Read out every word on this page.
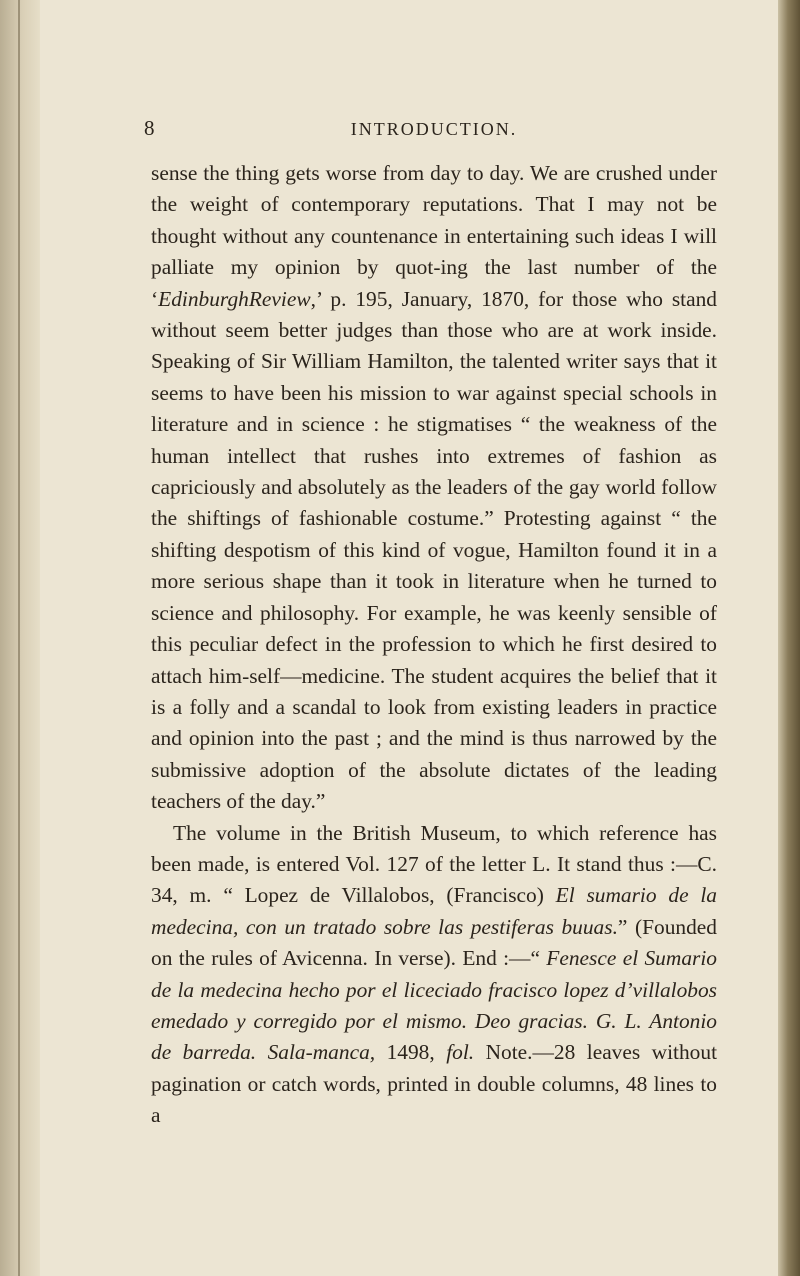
8	INTRODUCTION.

sense the thing gets worse from day to day. We are crushed under the weight of contemporary reputations. That I may not be thought without any countenance in entertaining such ideas I will palliate my opinion by quot-ing the last number of the ‘EdinburghReview,’ p. 195, January, 1870, for those who stand without seem better judges than those who are at work inside. Speaking of Sir William Hamilton, the talented writer says that it seems to have been his mission to war against special schools in literature and in science : he stigmatises “ the weakness of the human intellect that rushes into extremes of fashion as capriciously and absolutely as the leaders of the gay world follow the shiftings of fashionable costume.” Protesting against “ the shifting despotism of this kind of vogue, Hamilton found it in a more serious shape than it took in literature when he turned to science and philosophy. For example, he was keenly sensible of this peculiar defect in the profession to which he first desired to attach him-self—medicine. The student acquires the belief that it is a folly and a scandal to look from existing leaders in practice and opinion into the past ; and the mind is thus narrowed by the submissive adoption of the absolute dictates of the leading teachers of the day.”

The volume in the British Museum, to which reference has been made, is entered Vol. 127 of the letter L. It stand thus :—C. 34, m. “ Lopez de Villalobos, (Francisco) El sumario de la medecina, con un tratado sobre las pestiferas buuas.” (Founded on the rules of Avicenna. In verse). End :—“ Fenesce el Sumario de la medecina hecho por el liceciado fracisco lopez d’villalobos emedado y corregido por el mismo. Deo gracias. G. L. Antonio de barreda. Sala-manca, 1498, fol. Note.—28 leaves without pagination or catch words, printed in double columns, 48 lines to a
